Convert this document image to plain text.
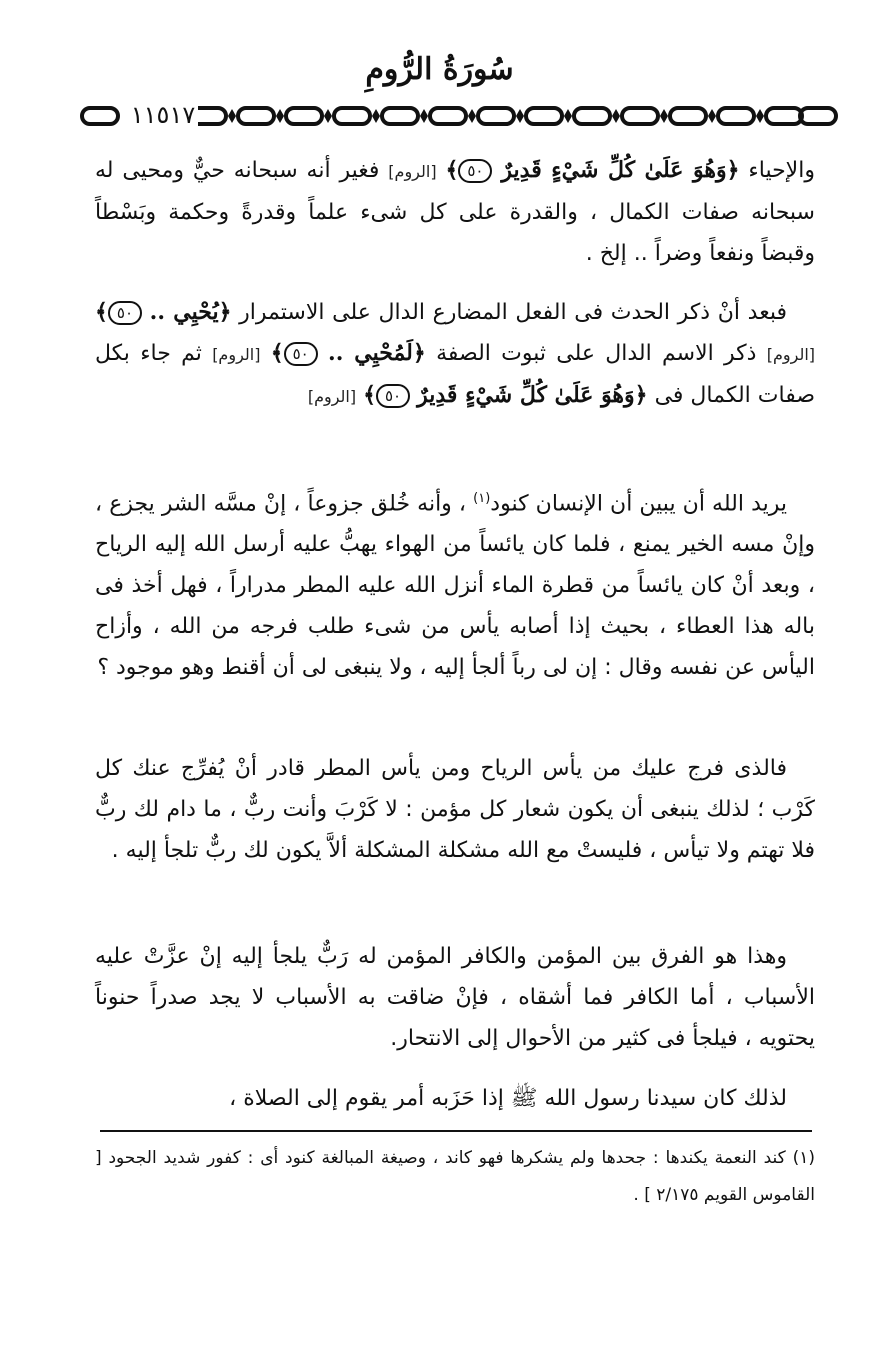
سُورَةُ الرُّومِ
١١٥١٧
والإحياء ﴿وَهُوَ عَلَىٰ كُلِّ شَيْءٍ قَدِيرٌ ٥٠﴾ [الروم] فغير أنه سبحانه حيٌّ ومحيى له سبحانه صفات الكمال ، والقدرة على كل شىء علماً وقدرةً وحكمة وبَسْطاً وقبضاً ونفعاً وضراً .. إلخ .
فبعد أنْ ذكر الحدث فى الفعل المضارع الدال على الاستمرار ﴿يُحْيِي .. ٥٠﴾ [الروم] ذكر الاسم الدال على ثبوت الصفة ﴿لَمُحْيِي .. ٥٠﴾ [الروم] ثم جاء بكل صفات الكمال فى ﴿وَهُوَ عَلَىٰ كُلِّ شَيْءٍ قَدِيرٌ ٥٠﴾ [الروم]
يريد الله أن يبين أن الإنسان كنود$^{(١)}$ ، وأنه خُلق جزوعاً ، إنْ مسَّه الشر يجزع ، وإنْ مسه الخير يمنع ، فلما كان يائساً من الهواء يهبُّ عليه أرسل الله إليه الرياح ، وبعد أنْ كان يائساً من قطرة الماء أنزل الله عليه المطر مدراراً ، فهل أخذ فى باله هذا العطاء ، بحيث إذا أصابه يأس من شىء طلب فرجه من الله ، وأزاح اليأس عن نفسه وقال : إن لى رباً ألجأ إليه ، ولا ينبغى لى أن أقنط وهو موجود ؟
فالذى فرج عليك من يأس الرياح ومن يأس المطر قادر أنْ يُفرِّج عنك كل كَرْب ؛ لذلك ينبغى أن يكون شعار كل مؤمن : لا كَرْبَ وأنت ربٌّ ، ما دام لك ربٌّ فلا تهتم ولا تيأس ، فليستْ مع الله مشكلة المشكلة ألاَّ يكون لك ربٌّ تلجأ إليه .
وهذا هو الفرق بين المؤمن والكافر المؤمن له رَبٌّ يلجأ إليه إنْ عزَّتْ عليه الأسباب ، أما الكافر فما أشقاه ، فإنْ ضاقت به الأسباب لا يجد صدراً حنوناً يحتويه ، فيلجأ فى كثير من الأحوال إلى الانتحار.
لذلك كان سيدنا رسول الله ﷺ إذا حَزَبه أمر يقوم إلى الصلاة ،
(١) كند النعمة يكندها : جحدها ولم يشكرها فهو كاند ، وصيغة المبالغة كنود أى : كفور شديد الجحود [ القاموس القويم ٢/١٧٥ ] .
